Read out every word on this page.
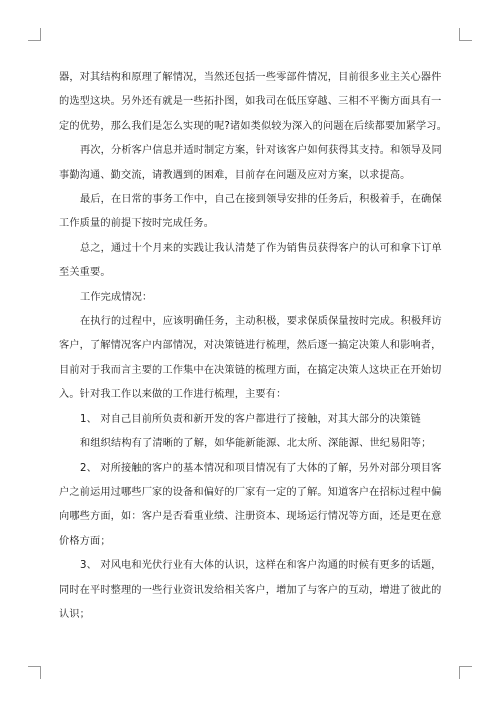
器，对其结构和原理了解情况，当然还包括一些零部件情况，目前很多业主关心器件
的选型这块。另外还有就是一些拓扑图，如我司在低压穿越、三相不平衡方面具有一
定的优势，那么我们是怎么实现的呢?诸如类似较为深入的问题在后续都要加紧学习。
再次，分析客户信息并适时制定方案，针对该客户如何获得其支持。和领导及同
事勤沟通、勤交流，请教遇到的困难，目前存在问题及应对方案，以求提高。
最后，在日常的事务工作中，自己在接到领导安排的任务后，积极着手，在确保
工作质量的前提下按时完成任务。
总之，通过十个月来的实践让我认清楚了作为销售员获得客户的认可和拿下订单
至关重要。
工作完成情况：
在执行的过程中，应该明确任务，主动积极，要求保质保量按时完成。积极拜访
客户，了解情况客户内部情况，对决策链进行梳理，然后逐一搞定决策人和影响者，
目前对于我而言主要的工作集中在决策链的梳理方面，在搞定决策人这块正在开始切
入。针对我工作以来做的工作进行梳理，主要有：
1、 对自己目前所负责和新开发的客户都进行了接触，对其大部分的决策链
和组织结构有了清晰的了解，如华能新能源、北太所、深能源、世纪易阳等；
2、 对所接触的客户的基本情况和项目情况有了大体的了解，另外对部分项目客
户之前运用过哪些厂家的设备和偏好的厂家有一定的了解。知道客户在招标过程中偏
向哪些方面，如：客户是否看重业绩、注册资本、现场运行情况等方面，还是更在意
价格方面；
3、 对风电和光伏行业有大体的认识，这样在和客户沟通的时候有更多的话题，
同时在平时整理的一些行业资讯发给相关客户，增加了与客户的互动，增进了彼此的
认识；
